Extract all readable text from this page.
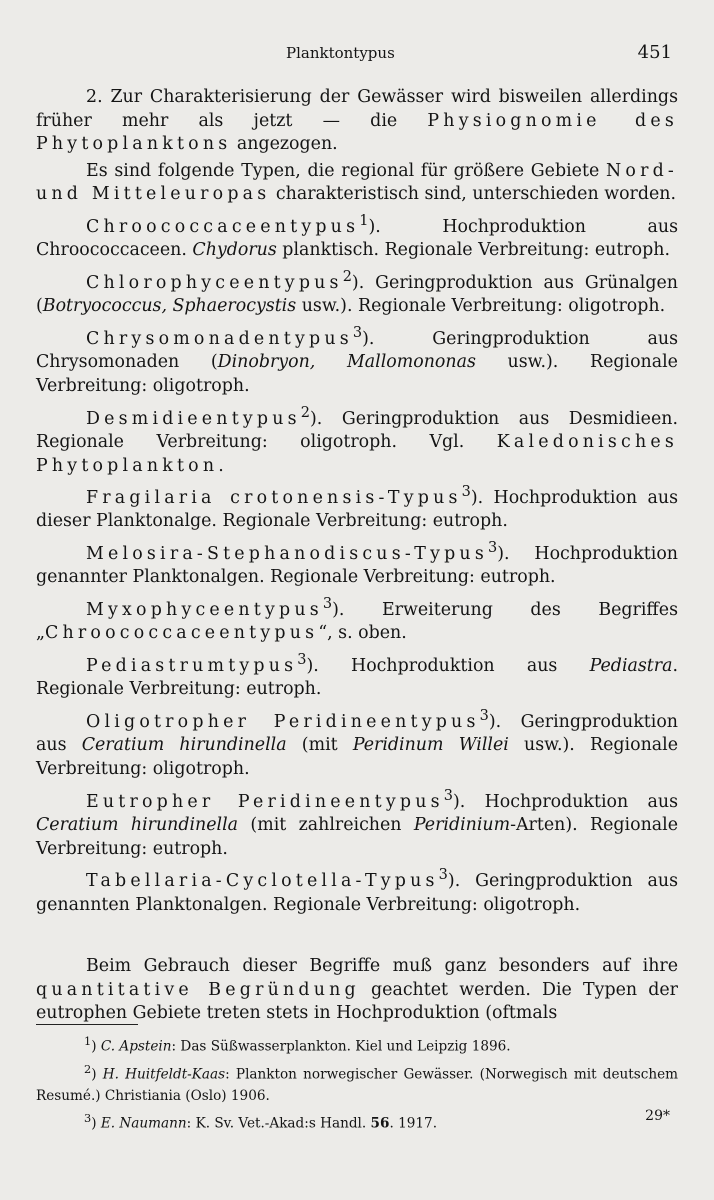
Planktontypus	451

2. Zur Charakterisierung der Gewässer wird bisweilen allerdings früher mehr als jetzt — die Physiognomie des Phytoplanktons angezogen.

Es sind folgende Typen, die regional für größere Gebiete Nord- und Mitteleuropas charakteristisch sind, unterschieden worden.

Chroococcaceentypus$^1$). Hochproduktion aus Chroococcaceen. Chydorus planktisch. Regionale Verbreitung: eutroph.

Chlorophyceentypus$^2$). Geringproduktion aus Grünalgen (Botryococcus, Sphaerocystis usw.). Regionale Verbreitung: oligotroph.

Chrysomonadentypus$^3$). Geringproduktion aus Chrysomonaden (Dinobryon, Mallomononas usw.). Regionale Verbreitung: oligotroph.

Desmidieentypus$^2$). Geringproduktion aus Desmidieen. Regionale Verbreitung: oligotroph. Vgl. Kaledonisches Phytoplankton.

Fragilaria crotonensis-Typus$^3$). Hochproduktion aus dieser Planktonalge. Regionale Verbreitung: eutroph.

Melosira-Stephanodiscus-Typus$^3$). Hochproduktion genannter Planktonalgen. Regionale Verbreitung: eutroph.

Myxophyceentypus$^3$). Erweiterung des Begriffes „Chroococcaceentypus“, s. oben.

Pediastrumtypus$^3$). Hochproduktion aus Pediastra. Regionale Verbreitung: eutroph.

Oligotropher Peridineentypus$^3$). Geringproduktion aus Ceratium hirundinella (mit Peridinum Willei usw.). Regionale Verbreitung: oligotroph.

Eutropher Peridineentypus$^3$). Hochproduktion aus Ceratium hirundinella (mit zahlreichen Peridinium-Arten). Regionale Verbreitung: eutroph.

Tabellaria-Cyclotella-Typus$^3$). Geringproduktion aus genannten Planktonalgen. Regionale Verbreitung: oligotroph.

Beim Gebrauch dieser Begriffe muß ganz besonders auf ihre quantitative Begründung geachtet werden. Die Typen der eutrophen Gebiete treten stets in Hochproduktion (oftmals

$^1$) C. Apstein: Das Süßwasserplankton. Kiel und Leipzig 1896.

$^2$) H. Huitfeldt-Kaas: Plankton norwegischer Gewässer. (Norwegisch mit deutschem Resumé.) Christiania (Oslo) 1906.

$^3$) E. Naumann: K. Sv. Vet.-Akad:s Handl. 56. 1917.	29*
